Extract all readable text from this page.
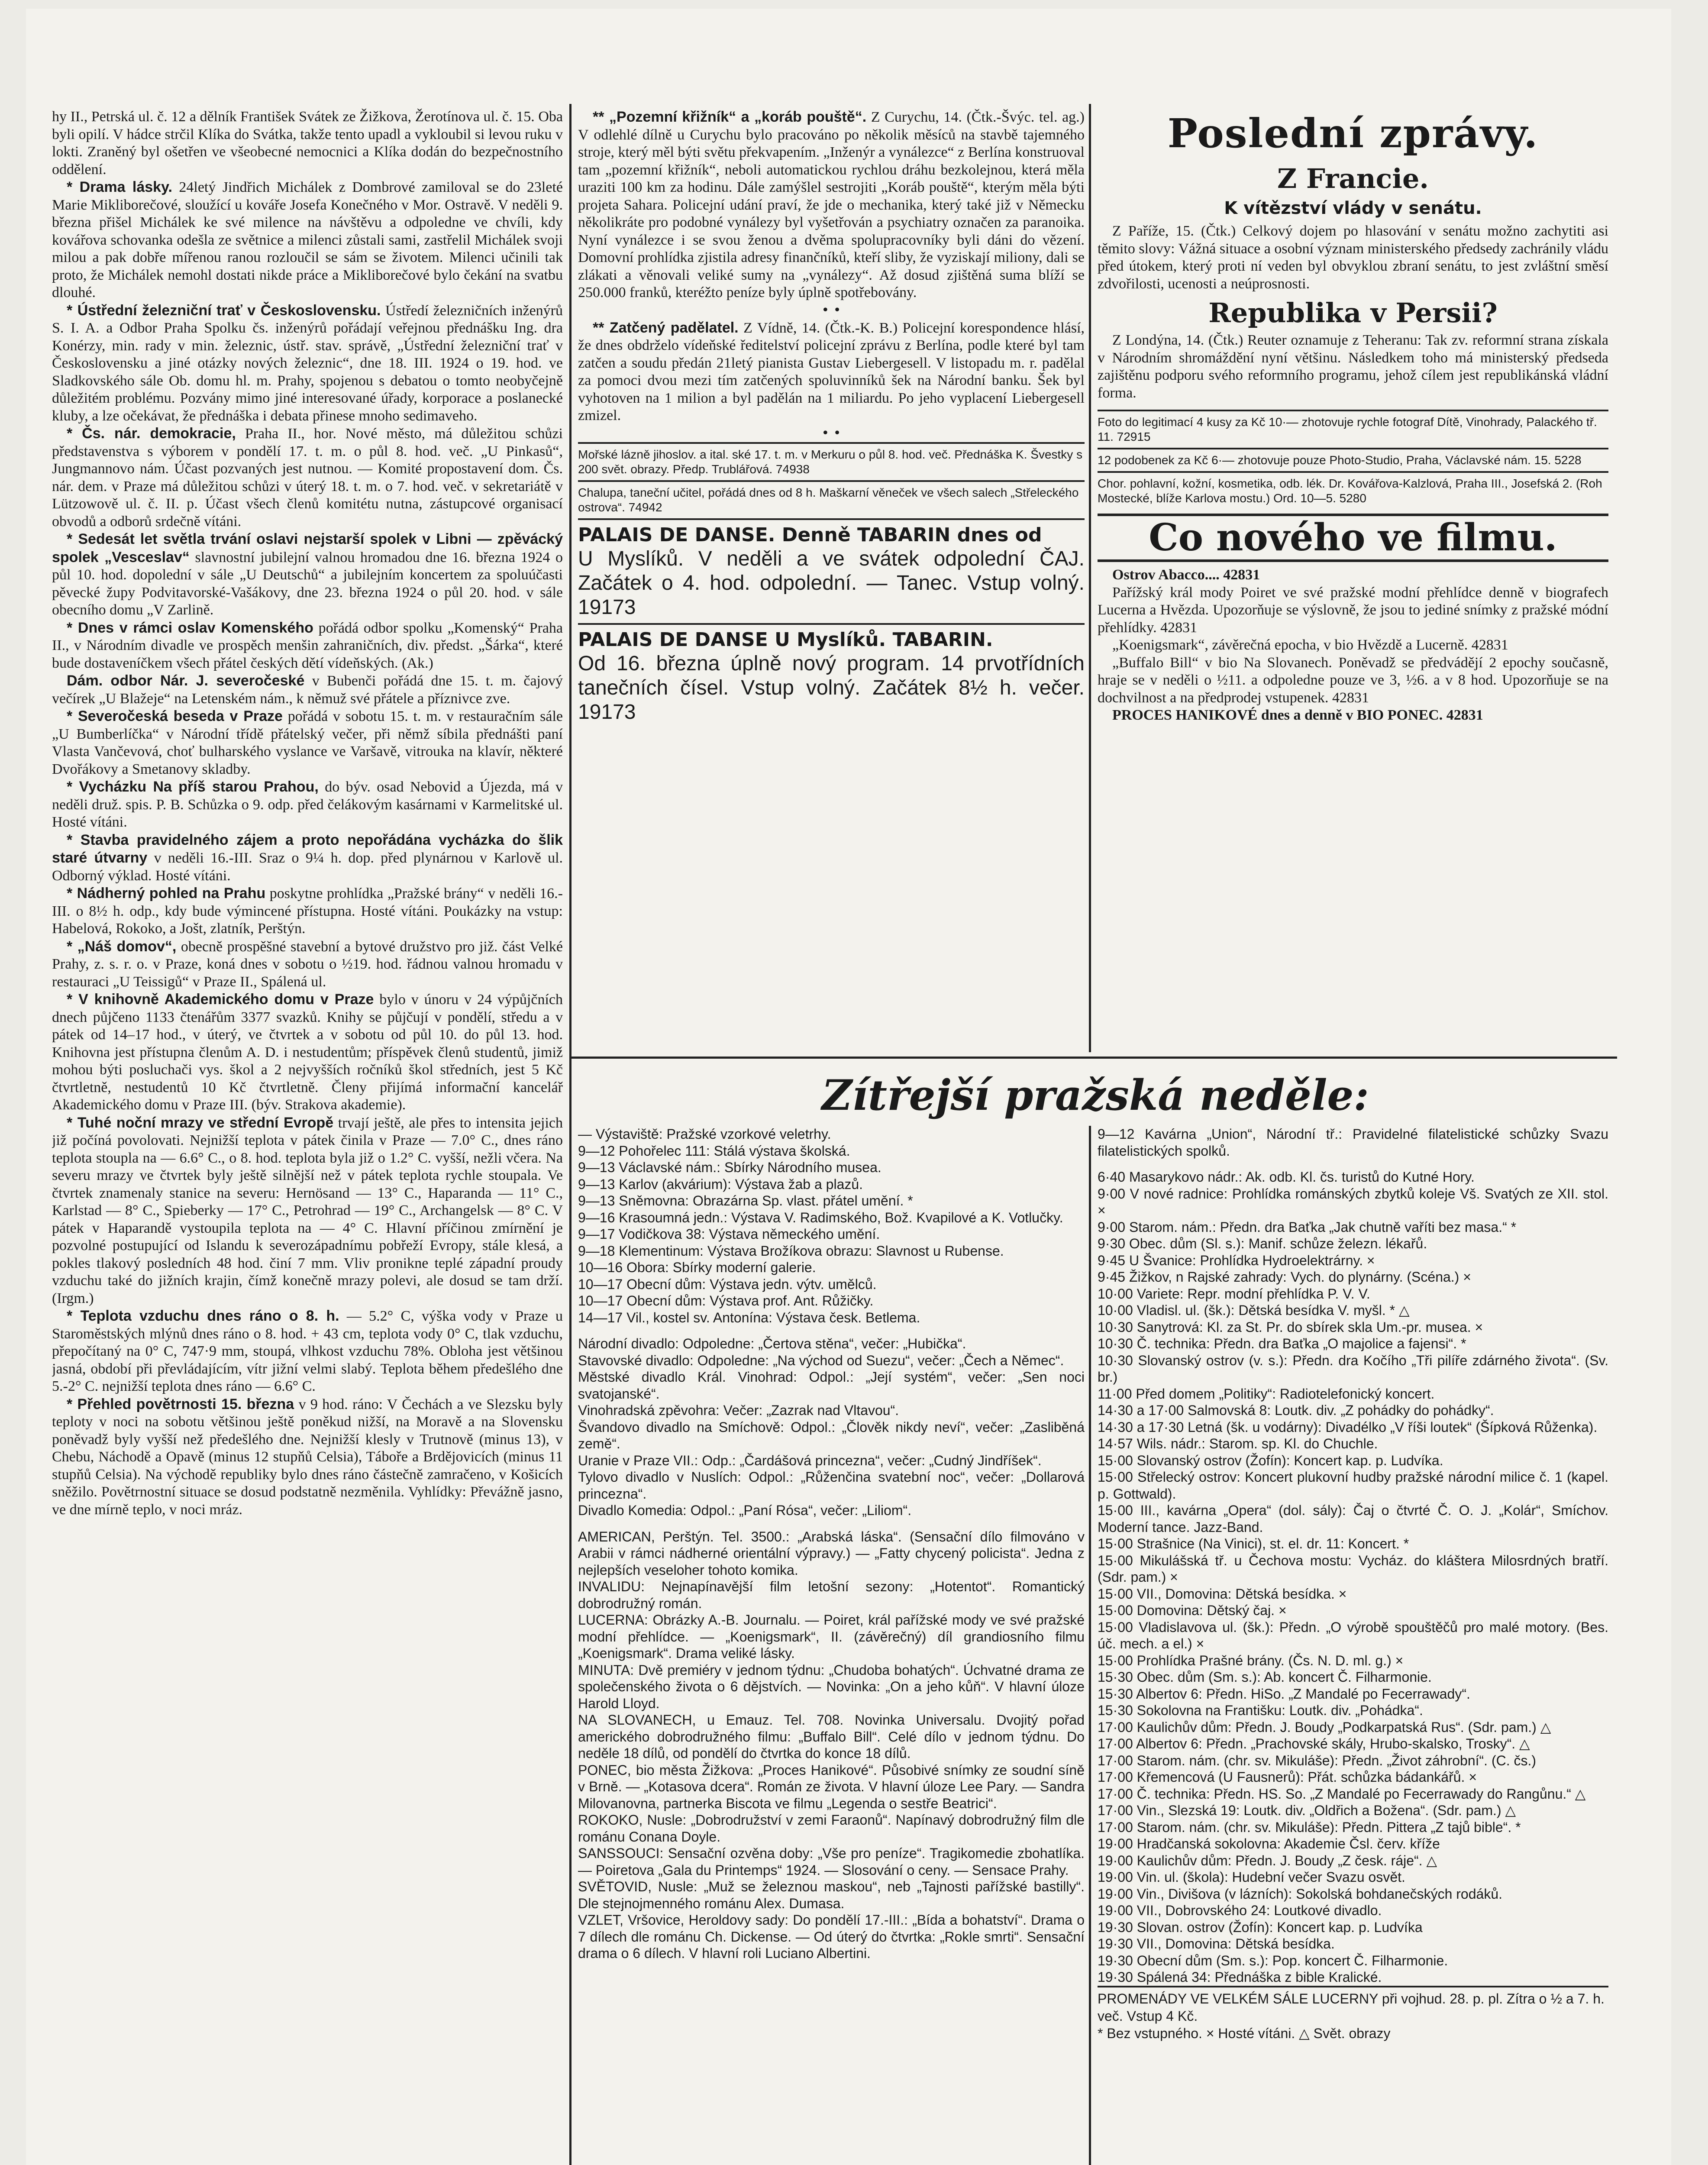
hy II., Petrská ul. č. 12 a dělník František Svátek ze Žižkova, Žerotínova ul. č. 15. Oba byli opilí. V hádce strčil Klíka do Svátka, takže tento upadl a vykloubil si levou ruku v lokti. Zraněný byl ošetřen ve všeobecné nemocnici a Klíka dodán do bezpečnostního oddělení.

* Drama lásky. 24letý Jindřich Michálek z Dombrové zamiloval se do 23leté Marie Mikliborečové, sloužící u kováře Josefa Konečného v Mor. Ostravě. V neděli 9. března přišel Michálek ke své milence na návštěvu a odpoledne ve chvíli, kdy kovářova schovanka odešla ze světnice a milenci zůstali sami, zastřelil Michálek svoji milou a pak dobře mířenou ranou rozloučil se sám se životem. Milenci učinili tak proto, že Michálek nemohl dostati nikde práce a Mikliborečové bylo čekání na svatbu dlouhé.

* Ústřední železniční trať v Československu. Ústředí železničních inženýrů S. I. A. a Odbor Praha Spolku čs. inženýrů pořádají veřejnou přednášku Ing. dra Konérzy, min. rady v min. železnic, ústř. stav. správě, „Ústřední železniční trať v Československu a jiné otázky nových železnic“, dne 18. III. 1924 o 19. hod. ve Sladkovského sále Ob. domu hl. m. Prahy, spojenou s debatou o tomto neobyčejně důležitém problému. Pozvány mimo jiné interesované úřady, korporace a poslanecké kluby, a lze očekávat, že přednáška i debata přinese mnoho sedimaveho.

* Čs. nár. demokracie, Praha II., hor. Nové město, má důležitou schůzi představenstva s výborem v pondělí 17. t. m. o půl 8. hod. več. „U Pinkasů“, Jungmannovo nám. Účast pozvaných jest nutnou. — Komité propostavení dom. Čs. nár. dem. v Praze má důležitou schůzi v úterý 18. t. m. o 7. hod. več. v sekretariátě v Lützowově ul. č. II. p. Účast všech členů komitétu nutna, zástupcové organisací obvodů a odborů srdečně vítáni.

* Sedesát let světla trvání oslavi nejstarší spolek v Libni — zpěvácký spolek „Vesceslav“ slavnostní jubilejní valnou hromadou dne 16. března 1924 o půl 10. hod. dopolední v sále „U Deutschů“ a jubilejním koncertem za spoluúčasti pěvecké župy Podvitavorské-Vašákovy, dne 23. března 1924 o půl 20. hod. v sále obecního domu „V Zarlině.

* Dnes v rámci oslav Komenského pořádá odbor spolku „Komenský“ Praha II., v Národním divadle ve prospěch menšin zahraničních, div. předst. „Šárka“, které bude dostaveníčkem všech přátel českých dětí vídeňských. (Ak.)

Dám. odbor Nár. J. severočeské v Bubenči pořádá dne 15. t. m. čajový večírek „U Blažeje“ na Letenském nám., k němuž své přátele a příznivce zve.

* Severočeská beseda v Praze pořádá v sobotu 15. t. m. v restauračním sále „U Bumberlíčka“ v Národní třídě přátelský večer, při němž síbila přednášti paní Vlasta Vančevová, choť bulharského vyslance ve Varšavě, vitrouka na klavír, některé Dvořákovy a Smetanovy skladby.

* Vycházku Na příš starou Prahou, do býv. osad Nebovid a Újezda, má v neděli druž. spis. P. B. Schůzka o 9. odp. před čelákovým kasárnami v Karmelitské ul. Hosté vítáni.

* Stavba pravidelného zájem a proto nepořádána vycházka do šlik staré útvarny v neděli 16.-III. Sraz o 9¼ h. dop. před plynárnou v Karlově ul. Odborný výklad. Hosté vítáni.

* Nádherný pohled na Prahu poskytne prohlídka „Pražské brány“ v neděli 16.-III. o 8½ h. odp., kdy bude výmincené přístupna. Hosté vítáni. Poukázky na vstup: Habelová, Rokoko, a Jošt, zlatník, Perštýn.

* „Náš domov“, obecně prospěšné stavební a bytové družstvo pro již. část Velké Prahy, z. s. r. o. v Praze, koná dnes v sobotu o ½19. hod. řádnou valnou hromadu v restauraci „U Teissigů“ v Praze II., Spálená ul.

* V knihovně Akademického domu v Praze bylo v únoru v 24 výpůjčních dnech půjčeno 1133 čtenářům 3377 svazků. Knihy se půjčují v pondělí, středu a v pátek od 14–17 hod., v úterý, ve čtvrtek a v sobotu od půl 10. do půl 13. hod. Knihovna jest přístupna členům A. D. i nestudentům; příspěvek členů studentů, jimiž mohou býti posluchači vys. škol a 2 nejvyšších ročníků škol středních, jest 5 Kč čtvrtletně, nestudentů 10 Kč čtvrtletně. Členy přijímá informační kancelář Akademického domu v Praze III. (býv. Strakova akademie).

* Tuhé noční mrazy ve střední Evropě trvají ještě, ale přes to intensita jejich již počíná povolovati. Nejnižší teplota v pátek činila v Praze — 7.0° C., dnes ráno teplota stoupla na — 6.6° C., o 8. hod. teplota byla již o 1.2° C. vyšší, nežli včera. Na severu mrazy ve čtvrtek byly ještě silnější než v pátek teplota rychle stoupala. Ve čtvrtek znamenaly stanice na severu: Hernösand — 13° C., Haparanda — 11° C., Karlstad — 8° C., Spieberky — 17° C., Petrohrad — 19° C., Archangelsk — 8° C. V pátek v Haparandě vystoupila teplota na — 4° C. Hlavní příčinou zmírnění je pozvolné postupující od Islandu k severozápadnímu pobřeží Evropy, stále klesá, a pokles tlakový posledních 48 hod. činí 7 mm. Vliv pronikne teplé západní proudy vzduchu také do jižních krajin, čímž konečně mrazy polevi, ale dosud se tam drží. (Irgm.)

* Teplota vzduchu dnes ráno o 8. h. — 5.2° C, výška vody v Praze u Staroměstských mlýnů dnes ráno o 8. hod. + 43 cm, teplota vody 0° C, tlak vzduchu, přepočítaný na 0° C, 747·9 mm, stoupá, vlhkost vzduchu 78%. Obloha jest většinou jasná, období při převládajícím, vítr jižní velmi slabý. Teplota během předešlého dne 5.-2° C. nejnižší teplota dnes ráno — 6.6° C.

* Přehled povětrnosti 15. března v 9 hod. ráno: V Čechách a ve Slezsku byly teploty v noci na sobotu většinou ještě poněkud nižší, na Moravě a na Slovensku poněvadž byly vyšší než předešlého dne. Nejnižší klesly v Trutnově (minus 13), v Chebu, Náchodě a Opavě (minus 12 stupňů Celsia), Táboře a Brdějovicích (minus 11 stupňů Celsia). Na východě republiky bylo dnes ráno částečně zamračeno, v Košicích sněžilo. Povětrnostní situace se dosud podstatně nezměnila. Vyhlídky: Převážně jasno, ve dne mírně teplo, v noci mráz.

** „Pozemní křižník“ a „koráb pouště“. Z Curychu, 14. (Čtk.-Švýc. tel. ag.) V odlehlé dílně u Curychu bylo pracováno po několik měsíců na stavbě tajemného stroje, který měl býti světu překvapením. „Inženýr a vynálezce“ z Berlína konstruoval tam „pozemní křižník“, neboli automatickou rychlou dráhu bezkolejnou, která měla uraziti 100 km za hodinu. Dále zamýšlel sestrojiti „Koráb pouště“, kterým měla býti projeta Sahara. Policejní udání praví, že jde o mechanika, který také již v Německu několikráte pro podobné vynálezy byl vyšetřován a psychiatry označen za paranoika. Nyní vynálezce i se svou ženou a dvěma spolupracovníky byli dáni do vězení. Domovní prohlídka zjistila adresy finančníků, kteří sliby, že vyziskají miliony, dali se zlákati a věnovali veliké sumy na „vynálezy“. Až dosud zjištěná suma blíží se 250.000 franků, kteréžto peníze byly úplně spotřebovány.

• •

** Zatčený padělatel. Z Vídně, 14. (Čtk.-K. B.) Policejní korespondence hlásí, že dnes obdrželo vídeňské ředitelství policejní zprávu z Berlína, podle které byl tam zatčen a soudu předán 21letý pianista Gustav Liebergesell. V listopadu m. r. padělal za pomoci dvou mezi tím zatčených spoluvinníků šek na Národní banku. Šek byl vyhotoven na 1 milion a byl padělán na 1 miliardu. Po jeho vyplacení Liebergesell zmizel.

• •
Mořské lázně jihoslov. a ital. ské 17. t. m. v Merkuru o půl 8. hod. več. Přednáška K. Švestky s 200 svět. obrazy. Předp. Trublářová. 74938
Chalupa, taneční učitel, pořádá dnes od 8 h. Maškarní věneček ve všech salech „Střeleckého ostrova“. 74942
PALAIS DE DANSE. Denně TABARIN dnes od
U Myslíků. V neděli a ve svátek odpolední ČAJ. Začátek o 4. hod. odpolední. — Tanec. Vstup volný. 19173
PALAIS DE DANSE U Myslíků. TABARIN.
Od 16. března úplně nový program. 14 prvotřídních tanečních čísel. Vstup volný. Začátek 8½ h. večer. 19173
Poslední zprávy.
Z Francie.
K vítězství vlády v senátu.

Z Paříže, 15. (Čtk.) Celkový dojem po hlasování v senátu možno zachytiti asi těmito slovy: Vážná situace a osobní význam ministerského předsedy zachránily vládu před útokem, který proti ní veden byl obvyklou zbraní senátu, to jest zvláštní směsí zdvořilosti, ucenosti a neúprosnosti.

Republika v Persii?

Z Londýna, 14. (Čtk.) Reuter oznamuje z Teheranu: Tak zv. reformní strana získala v Národním shromáždění nyní většinu. Následkem toho má ministerský předseda zajištěnu podporu svého reformního programu, jehož cílem jest republikánská vládní forma.

Foto do legitimací 4 kusy za Kč 10·— zhotovuje rychle fotograf Dítě, Vinohrady, Palackého tř. 11. 72915
12 podobenek za Kč 6·— zhotovuje pouze Photo-Studio, Praha, Václavské nám. 15. 5228
Chor. pohlavní, kožní, kosmetika, odb. lék. Dr. Kovářova-Kalzlová, Praha III., Josefská 2. (Roh Mostecké, blíže Karlova mostu.) Ord. 10—5. 5280
Co nového ve filmu.

Ostrov Abacco.... 42831

Pařížský král mody Poiret ve své pražské modní přehlídce denně v biografech Lucerna a Hvězda. Upozorňuje se výslovně, že jsou to jediné snímky z pražské módní přehlídky. 42831

„Koenigsmark“, závěrečná epocha, v bio Hvězdě a Lucerně. 42831

„Buffalo Bill“ v bio Na Slovanech. Poněvadž se předvádějí 2 epochy současně, hraje se v neděli o ½11. a odpoledne pouze ve 3, ½6. a v 8 hod. Upozorňuje se na dochvilnost a na předprodej vstupenek. 42831

PROCES HANIKOVÉ dnes a denně v BIO PONEC. 42831

Zítřejší pražská neděle:
— Výstaviště: Pražské vzorkové veletrhy.
9—12 Pohořelec 111: Stálá výstava školská.
9—13 Václavské nám.: Sbírky Národního musea.
9—13 Karlov (akvárium): Výstava žab a plazů.
9—13 Sněmovna: Obrazárna Sp. vlast. přátel umění. *
9—16 Krasoumná jedn.: Výstava V. Radimského, Bož. Kvapilové a K. Votlučky.
9—17 Vodičkova 38: Výstava německého umění.
9—18 Klementinum: Výstava Brožíkova obrazu: Slavnost u Rubense.
10—16 Obora: Sbírky moderní galerie.
10—17 Obecní dům: Výstava jedn. výtv. umělců.
10—17 Obecní dům: Výstava prof. Ant. Růžičky.
14—17 Vil., kostel sv. Antonína: Výstava česk. Betlema.
Národní divadlo: Odpoledne: „Čertova stěna“, večer: „Hubička“.
Stavovské divadlo: Odpoledne: „Na východ od Suezu“, večer: „Čech a Němec“.
Městské divadlo Král. Vinohrad: Odpol.: „Její systém“, večer: „Sen noci svatojanské“.
Vinohradská zpěvohra: Večer: „Zazrak nad Vltavou“.
Švandovo divadlo na Smíchově: Odpol.: „Člověk nikdy neví“, večer: „Zasliběná země“.
Uranie v Praze VII.: Odp.: „Čardášová princezna“, večer: „Cudný Jindříšek“.
Tylovo divadlo v Nuslích: Odpol.: „Růženčina svatební noc“, večer: „Dollarová princezna“.
Divadlo Komedia: Odpol.: „Paní Rósa“, večer: „Liliom“.
AMERICAN, Perštýn. Tel. 3500.: „Arabská láska“. (Sensační dílo filmováno v Arabii v rámci nádherné orientální výpravy.) — „Fatty chycený policista“. Jedna z nejlepších veseloher tohoto komika.
INVALIDU: Nejnapínavější film letošní sezony: „Hotentot“. Romantický dobrodružný román.
LUCERNA: Obrázky A.-B. Journalu. — Poiret, král pařížské mody ve své pražské modní přehlídce. — „Koenigsmark“, II. (závěrečný) díl grandiosního filmu „Koenigsmark“. Drama veliké lásky.
MINUTA: Dvě premiéry v jednom týdnu: „Chudoba bohatých“. Úchvatné drama ze společenského života o 6 dějstvích. — Novinka: „On a jeho kůň“. V hlavní úloze Harold Lloyd.
NA SLOVANECH, u Emauz. Tel. 708. Novinka Universalu. Dvojitý pořad amerického dobrodružného filmu: „Buffalo Bill“. Celé dílo v jednom týdnu. Do neděle 18 dílů, od pondělí do čtvrtka do konce 18 dílů.
PONEC, bio města Žižkova: „Proces Hanikové“. Působivé snímky ze soudní síně v Brně. — „Kotasova dcera“. Román ze života. V hlavní úloze Lee Pary. — Sandra Milovanovna, partnerka Biscota ve filmu „Legenda o sestře Beatrici“.
ROKOKO, Nusle: „Dobrodružství v zemi Faraonů“. Napínavý dobrodružný film dle románu Conana Doyle.
SANSSOUCI: Sensační ozvěna doby: „Vše pro peníze“. Tragikomedie zbohatlíka. — Poiretova „Gala du Printemps“ 1924. — Slosování o ceny. — Sensace Prahy.
SVĚTOVID, Nusle: „Muž se železnou maskou“, neb „Tajnosti pařížské bastilly“. Dle stejnojmenného románu Alex. Dumasa.
VZLET, Vršovice, Heroldovy sady: Do pondělí 17.-III.: „Bída a bohatství“. Drama o 7 dílech dle románu Ch. Dickense. — Od úterý do čtvrtka: „Rokle smrti“. Sensační drama o 6 dílech. V hlavní roli Luciano Albertini.
9—12 Kavárna „Union“, Národní tř.: Pravidelné filatelistické schůzky Svazu filatelistických spolků.
6·40 Masarykovo nádr.: Ak. odb. Kl. čs. turistů do Kutné Hory.
9·00 V nové radnice: Prohlídka románských zbytků koleje Vš. Svatých ze XII. stol. ×
9·00 Starom. nám.: Předn. dra Baťka „Jak chutně vaříti bez masa.“ *
9·30 Obec. dům (Sl. s.): Manif. schůze železn. lékařů.
9·45 U Švanice: Prohlídka Hydroelektrárny. ×
9·45 Žižkov, n Rajské zahrady: Vych. do plynárny. (Scéna.) ×
10·00 Variete: Repr. modní přehlídka P. V. V.
10·00 Vladisl. ul. (šk.): Dětská besídka V. myšl. * △
10·30 Sanytrová: Kl. za St. Pr. do sbírek skla Um.-pr. musea. ×
10·30 Č. technika: Předn. dra Baťka „O majolice a fajensi“. *
10·30 Slovanský ostrov (v. s.): Předn. dra Kočího „Tři pilíře zdárného života“. (Sv. br.)
11·00 Před domem „Politiky“: Radiotelefonický koncert.
14·30 a 17·00 Salmovská 8: Loutk. div. „Z pohádky do pohádky“.
14·30 a 17·30 Letná (šk. u vodárny): Divadélko „V říši loutek“ (Šípková Růženka).
14·57 Wils. nádr.: Starom. sp. Kl. do Chuchle.
15·00 Slovanský ostrov (Žofín): Koncert kap. p. Ludvíka.
15·00 Střelecký ostrov: Koncert plukovní hudby pražské národní milice č. 1 (kapel. p. Gottwald).
15·00 III., kavárna „Opera“ (dol. sály): Čaj o čtvrté Č. O. J. „Kolár“, Smíchov. Moderní tance. Jazz-Band.
15·00 Strašnice (Na Vinici), st. el. dr. 11: Koncert. *
15·00 Mikulášská tř. u Čechova mostu: Vycház. do kláštera Milosrdných bratří. (Sdr. pam.) ×
15·00 VII., Domovina: Dětská besídka. ×
15·00 Domovina: Dětský čaj. ×
15·00 Vladislavova ul. (šk.): Předn. „O výrobě spouštěčů pro malé motory. (Bes. úč. mech. a el.) ×
15·00 Prohlídka Prašné brány. (Čs. N. D. ml. g.) ×
15·30 Obec. dům (Sm. s.): Ab. koncert Č. Filharmonie.
15·30 Albertov 6: Předn. HiSo. „Z Mandalé po Fecerrawady“.
15·30 Sokolovna na Františku: Loutk. div. „Pohádka“.
17·00 Kaulichův dům: Předn. J. Boudy „Podkarpatská Rus“. (Sdr. pam.) △
17·00 Albertov 6: Předn. „Prachovské skály, Hrubo-skalsko, Trosky“. △
17·00 Starom. nám. (chr. sv. Mikuláše): Předn. „Život záhrobní“. (C. čs.)
17·00 Křemencová (U Fausnerů): Přát. schůzka bádankářů. ×
17·00 Č. technika: Předn. HS. So. „Z Mandalé po Fecerrawady do Rangůnu.“ △
17·00 Vin., Slezská 19: Loutk. div. „Oldřich a Božena“. (Sdr. pam.) △
17·00 Starom. nám. (chr. sv. Mikuláše): Předn. Pittera „Z tajů bible“. *
19·00 Hradčanská sokolovna: Akademie Čsl. červ. kříže
19·00 Kaulichův dům: Předn. J. Boudy „Z česk. ráje“. △
19·00 Vin. ul. (škola): Hudební večer Svazu osvět.
19·00 Vin., Divišova (v lázních): Sokolská bohdanečských rodáků.
19·00 VII., Dobrovského 24: Loutkové divadlo.
19·30 Slovan. ostrov (Žofín): Koncert kap. p. Ludvíka
19·30 VII., Domovina: Dětská besídka.
19·30 Obecní dům (Sm. s.): Pop. koncert Č. Filharmonie.
19·30 Spálená 34: Přednáška z bible Kralické.
PROMENÁDY VE VELKÉM SÁLE LUCERNY při vojhud. 28. p. pl. Zítra o ½ a 7. h. več. Vstup 4 Kč.
* Bez vstupného. × Hosté vítáni. △ Svět. obrazy
